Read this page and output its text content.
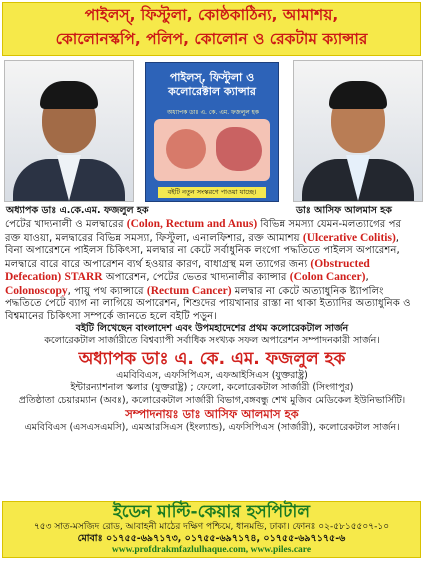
পাইলস্‌, ফিস্টুলা, কোষ্ঠকাঠিন্য, আমাশয়,
কোলোনস্কপি, পলিপ, কোলোন ও রেকটাম ক্যান্সার
অধ্যাপক ডাঃ এ.কে.এম. ফজলুল হক
পাইলস্‌, ফিস্টুলা ও কলোরেক্টাল ক্যান্সার
অধ্যাপক ডাঃ এ. কে. এম. ফজলুল হক
বইটি নতুন সংস্করণে পাওয়া যাচ্ছে।
ডাঃ আসিফ আলমাস হক

পেটের খাদ্যনালী ও মলদ্বারের (Colon, Rectum and Anus) বিভিন্ন সমস্যা যেমন-মলত্যাগের পর রক্ত যাওয়া, মলদ্বারের বিভিন্ন সমস্যা, ফিস্টুলা, এনালফিশার, রক্ত আমাশয় (Ulcerative Colitis), বিনা অপারেশনে পাইলস চিকিৎসা, মলদ্বার না কেটে সর্বাধুনিক লংগো পদ্ধতিতে পাইলস অপারেশন, মলদ্বারে বারে বারে অপারেশন ব্যর্থ হওয়ার কারণ, বাধাগ্রস্থ মল ত্যাগের জন্য (Obstructed Defecation) STARR অপারেশন, পেটের ভেতর খাদ্যনালীর ক্যান্সার (Colon Cancer), Colonoscopy, পায়ু পথ ক্যান্সারে (Rectum Cancer) মলদ্বার না কেটে অত্যাধুনিক ষ্ট্যাপলিং পদ্ধতিতে পেটে ব্যাগ না লাগিয়ে অপারেশন, শিশুদের পায়খানার রাস্তা না থাকা ইত্যাদির অত্যাধুনিক ও বিশ্বমানের চিকিৎসা সম্পর্কে জানতে হলে বইটি পড়ুন।

বইটি লিখেছেন বাংলাদেশ এবং উপমহাদেশের প্রথম কলোরেকটাল সার্জন

কলোরেকটাল সার্জারীতে বিশ্বব্যাপী সর্বাধিক সংখ্যক সফল অপারেশন সম্পাদনকারী সার্জন।

অধ্যাপক ডাঃ এ. কে. এম. ফজলুল হক

এমবিবিএস, এফসিপিএস, এফআইসিএস (যুক্তরাষ্ট্র)

ইন্টারন্যাশনাল স্কলার (যুক্তরাষ্ট্র) ; ফেলো, কলোরেকটাল সার্জারী (সিংগাপুর)

প্রতিষ্ঠাতা চেয়ারম্যান (অবঃ), কলোরেকটাল সার্জারী বিভাগ,বঙ্গবন্ধু শেখ মুজিব মেডিকেল ইউনিভার্সিটি।

সম্পাদনায়ঃ ডাঃ আসিফ আলমাস হক

এমবিবিএস (এসএসএমসি), এমআরসিএস (ইংল্যান্ড), এফসিপিএস (সার্জারী), কলোরেকটাল সার্জন।

ইডেন মাল্টি-কেয়ার হসপিটাল
৭৫৩ সাত-মসজিদ রোড, আবাহনী মাঠের দক্ষিণ পশ্চিমে, ধানমন্ডি, ঢাকা। ফোনঃ ০২-৫৮১৫৫০৭-১০
মোবাঃ ০১৭৫৫-৬৯৭১৭৩, ০১৭৫৫-৬৯৭১৭৪, ০১৭৫৫-৬৯৭১৭৫-৬
www.profdrakmfazlulhaque.com, www.piles.care
